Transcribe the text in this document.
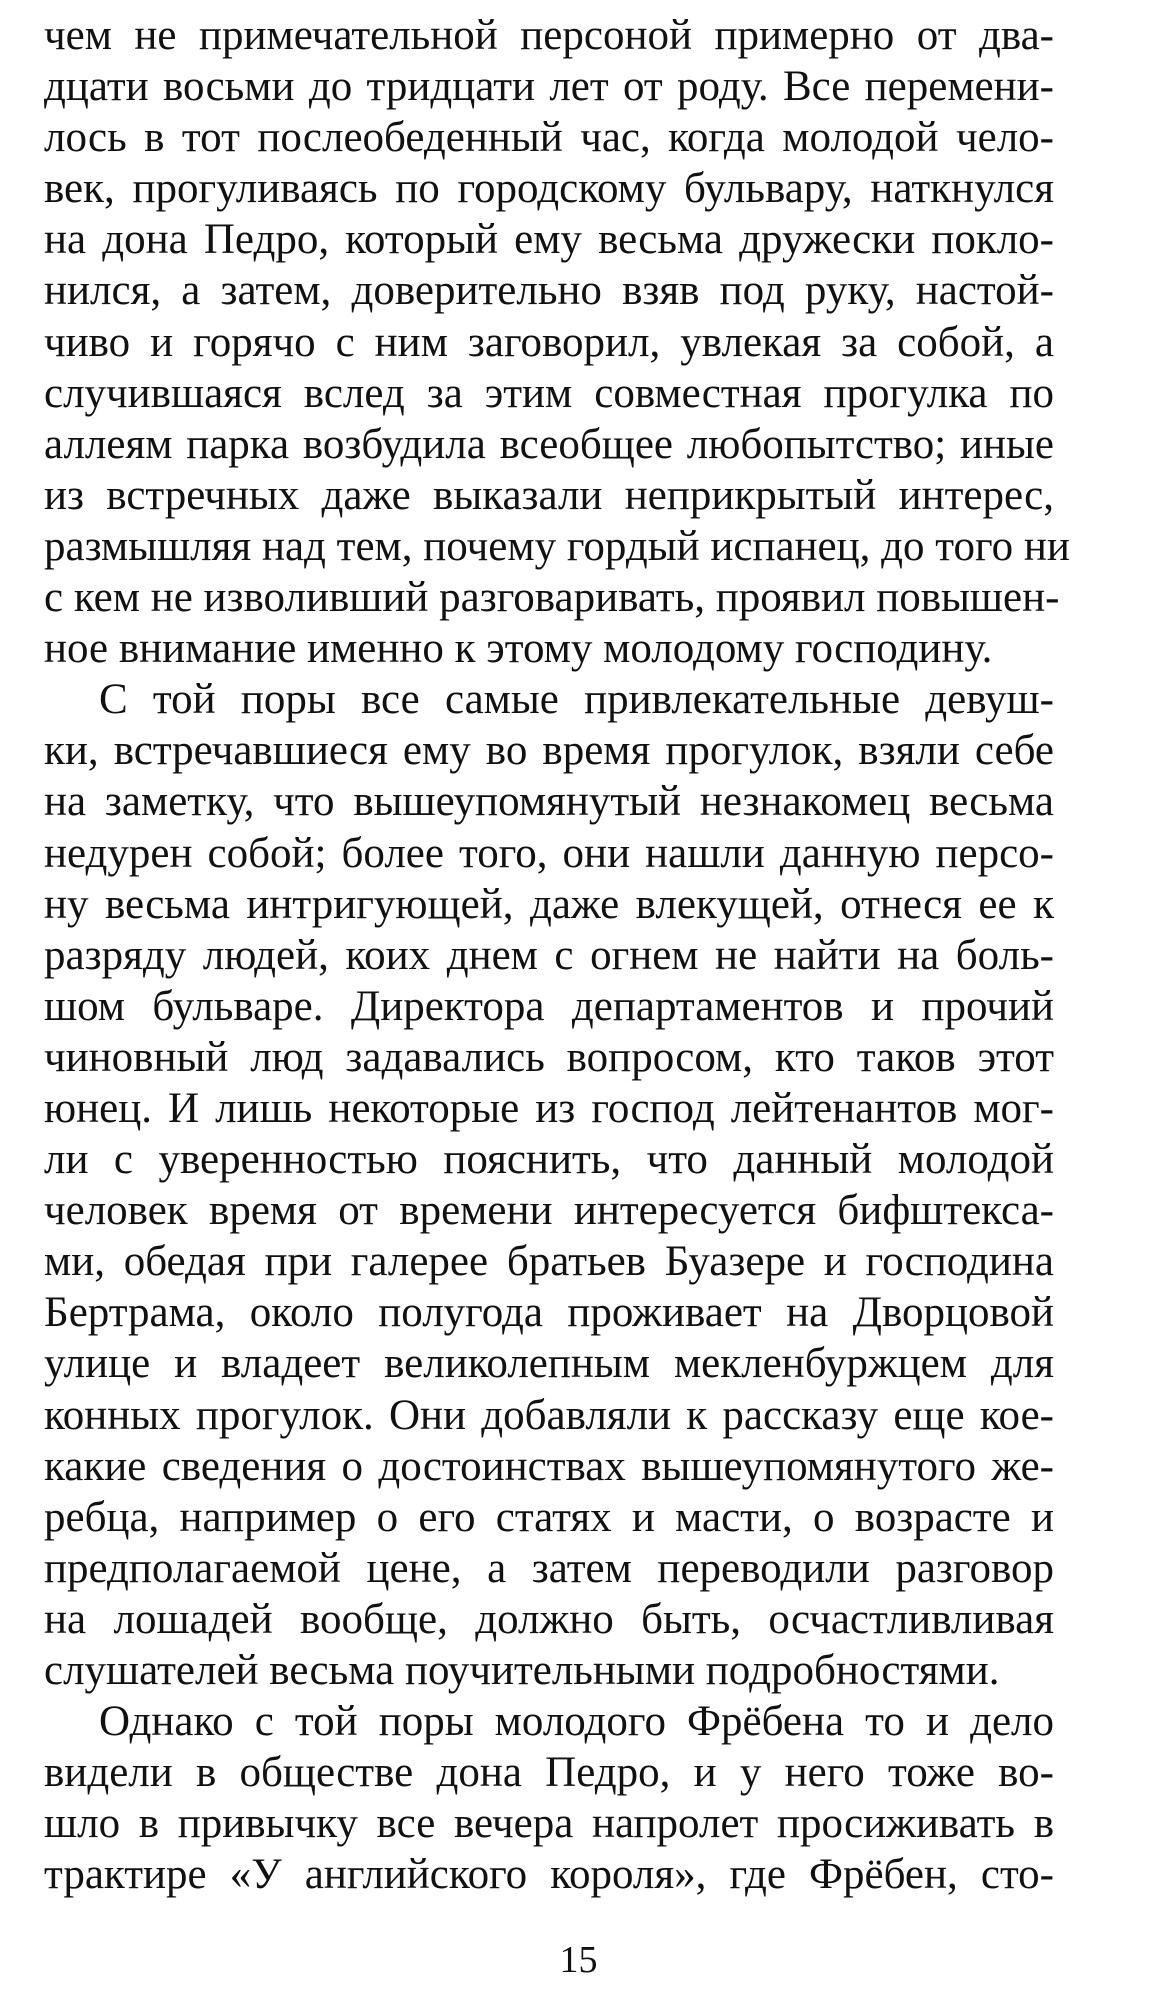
чем не примечательной персоной примерно от два-
дцати восьми до тридцати лет от роду. Все перемени-
лось в тот послеобеденный час, когда молодой чело-
век, прогуливаясь по городскому бульвару, наткнулся
на дона Педро, который ему весьма дружески покло-
нился, а затем, доверительно взяв под руку, настой-
чиво и горячо с ним заговорил, увлекая за собой, а
случившаяся вслед за этим совместная прогулка по
аллеям парка возбудила всеобщее любопытство; иные
из встречных даже выказали неприкрытый интерес,
размышляя над тем, почему гордый испанец, до того ни
с кем не изволивший разговаривать, проявил повышен-
ное внимание именно к этому молодому господину.
С той поры все самые привлекательные девуш-
ки, встречавшиеся ему во время прогулок, взяли себе
на заметку, что вышеупомянутый незнакомец весьма
недурен собой; более того, они нашли данную персо-
ну весьма интригующей, даже влекущей, отнеся ее к
разряду людей, коих днем с огнем не найти на боль-
шом бульваре. Директора департаментов и прочий
чиновный люд задавались вопросом, кто таков этот
юнец. И лишь некоторые из господ лейтенантов мог-
ли с уверенностью пояснить, что данный молодой
человек время от времени интересуется бифштекса-
ми, обедая при галерее братьев Буазере и господина
Бертрама, около полугода проживает на Дворцовой
улице и владеет великолепным мекленбуржцем для
конных прогулок. Они добавляли к рассказу еще кое-
какие сведения о достоинствах вышеупомянутого же-
ребца, например о его статях и масти, о возрасте и
предполагаемой цене, а затем переводили разговор
на лошадей вообще, должно быть, осчастливливая
слушателей весьма поучительными подробностями.
Однако с той поры молодого Фрёбена то и дело
видели в обществе дона Педро, и у него тоже во-
шло в привычку все вечера напролет просиживать в
трактире «У английского короля», где Фрёбен, сто-
15
